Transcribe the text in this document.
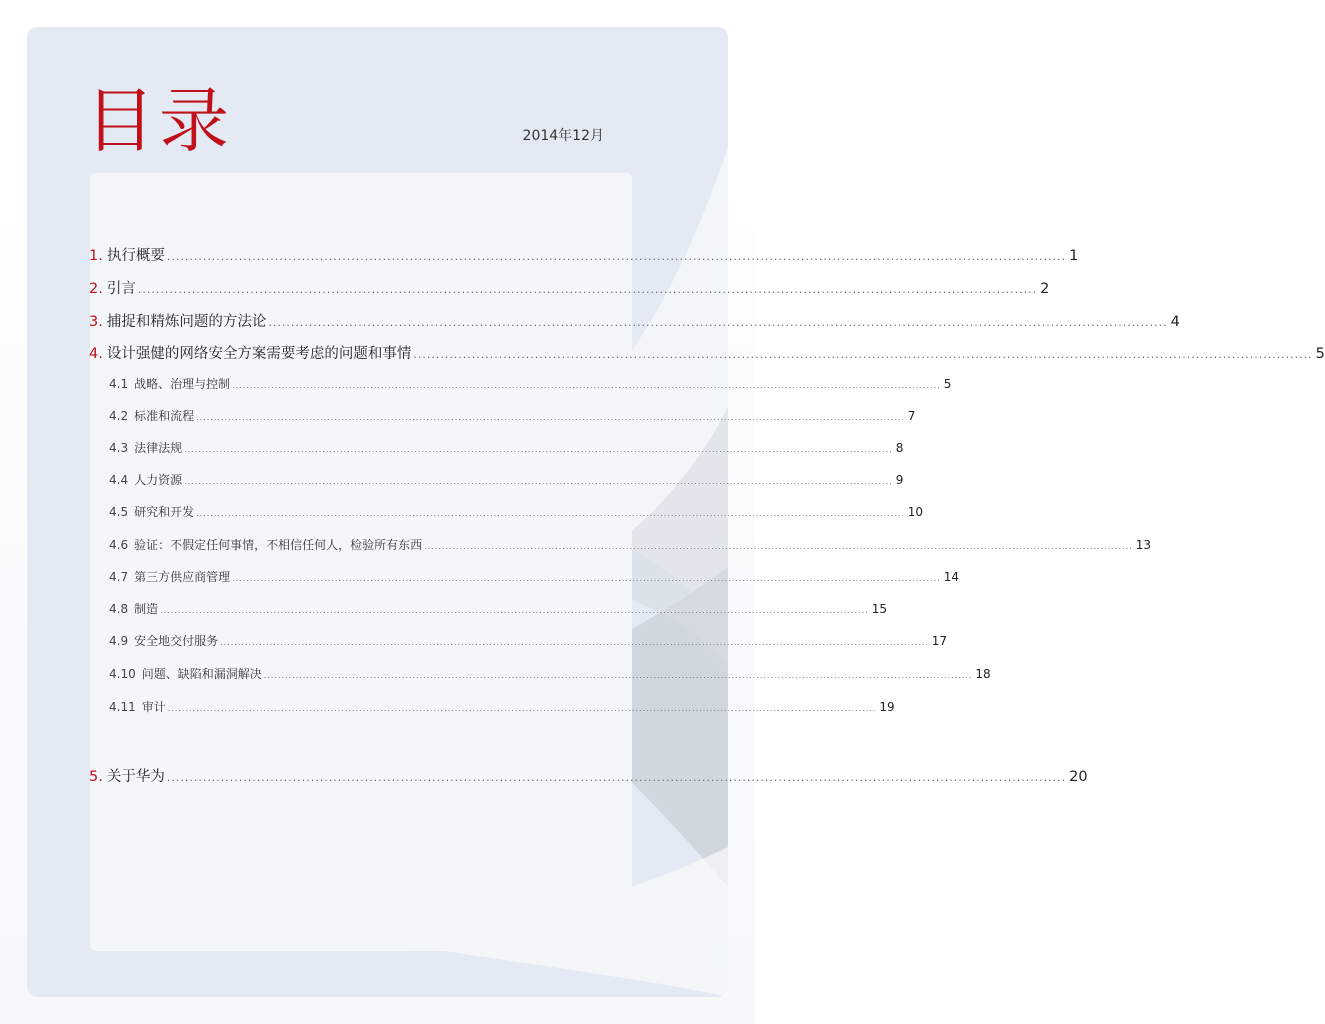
目录	2014年12月
1. 执行概要 ........................................................................................................................................................................................................ 1
2. 引言 ........................................................................................................................................................................................................ 2
3. 捕捉和精炼问题的方法论 ........................................................................................................................................................................................................ 4
4. 设计强健的网络安全方案需要考虑的问题和事情 ........................................................................................................................................................................................................ 5
4.1 战略、治理与控制 ........................................................................................................................................................................................................ 5
4.2 标准和流程 ........................................................................................................................................................................................................ 7
4.3 法律法规 ........................................................................................................................................................................................................ 8
4.4 人力资源 ........................................................................................................................................................................................................ 9
4.5 研究和开发 ........................................................................................................................................................................................................ 10
4.6 验证：不假定任何事情，不相信任何人，检验所有东西 ........................................................................................................................................................................................................ 13
4.7 第三方供应商管理 ........................................................................................................................................................................................................ 14
4.8 制造 ........................................................................................................................................................................................................ 15
4.9 安全地交付服务 ........................................................................................................................................................................................................ 17
4.10 问题、缺陷和漏洞解决 ........................................................................................................................................................................................................ 18
4.11 审计 ........................................................................................................................................................................................................ 19
5. 关于华为 ........................................................................................................................................................................................................ 20
